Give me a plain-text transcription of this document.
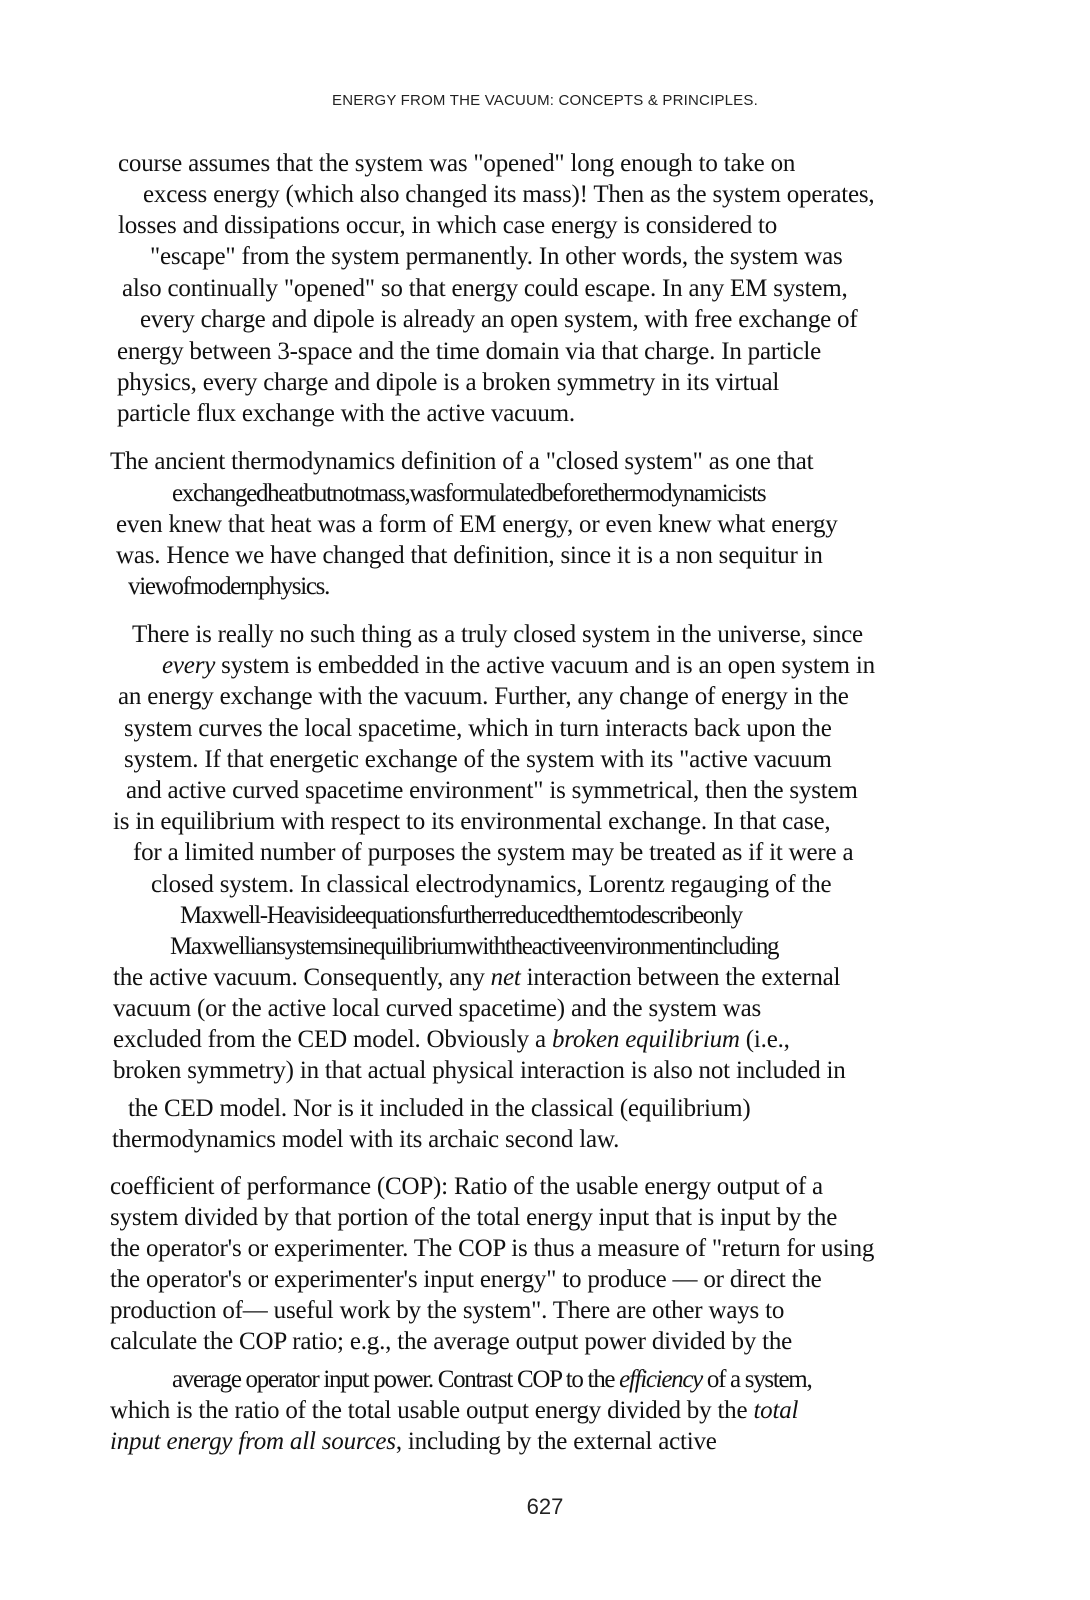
ENERGY FROM THE VACUUM: CONCEPTS & PRINCIPLES.
course assumes that the system was "opened" long enough to take on
excess energy (which also changed its mass)! Then as the system operates,
losses and dissipations occur, in which case energy is considered to
"escape" from the system permanently. In other words, the system was
also continually "opened" so that energy could escape. In any EM system,
every charge and dipole is already an open system, with free exchange of
energy between 3-space and the time domain via that charge. In particle
physics, every charge and dipole is a broken symmetry in its virtual
particle flux exchange with the active vacuum.
The ancient thermodynamics definition of a "closed system" as one that
exchangedheatbutnotmass,wasformulatedbeforethermodynamicists
even knew that heat was a form of EM energy, or even knew what energy
was. Hence we have changed that definition, since it is a non sequitur in
viewofmodernphysics.
There is really no such thing as a truly closed system in the universe, since
every system is embedded in the active vacuum and is an open system in
an energy exchange with the vacuum. Further, any change of energy in the
system curves the local spacetime, which in turn interacts back upon the
system. If that energetic exchange of the system with its "active vacuum
and active curved spacetime environment" is symmetrical, then the system
is in equilibrium with respect to its environmental exchange. In that case,
for a limited number of purposes the system may be treated as if it were a
closed system. In classical electrodynamics, Lorentz regauging of the
Maxwell-Heavisideequationsfurtherreducedthemtodescribeonly
Maxwelliansystemsinequilibriumwiththeactiveenvironmentincluding
the active vacuum. Consequently, any net interaction between the external
vacuum (or the active local curved spacetime) and the system was
excluded from the CED model. Obviously a broken equilibrium (i.e.,
broken symmetry) in that actual physical interaction is also not included in
the CED model. Nor is it included in the classical (equilibrium)
thermodynamics model with its archaic second law.
coefficient of performance (COP): Ratio of the usable energy output of a
system divided by that portion of the total energy input that is input by the
the operator's or experimenter. The COP is thus a measure of "return for using
the operator's or experimenter's input energy" to produce — or direct the
production of— useful work by the system". There are other ways to
calculate the COP ratio; e.g., the average output power divided by the
average operator input power. Contrast COP to the efficiency of a system,
which is the ratio of the total usable output energy divided by the total
input energy from all sources, including by the external active
627
